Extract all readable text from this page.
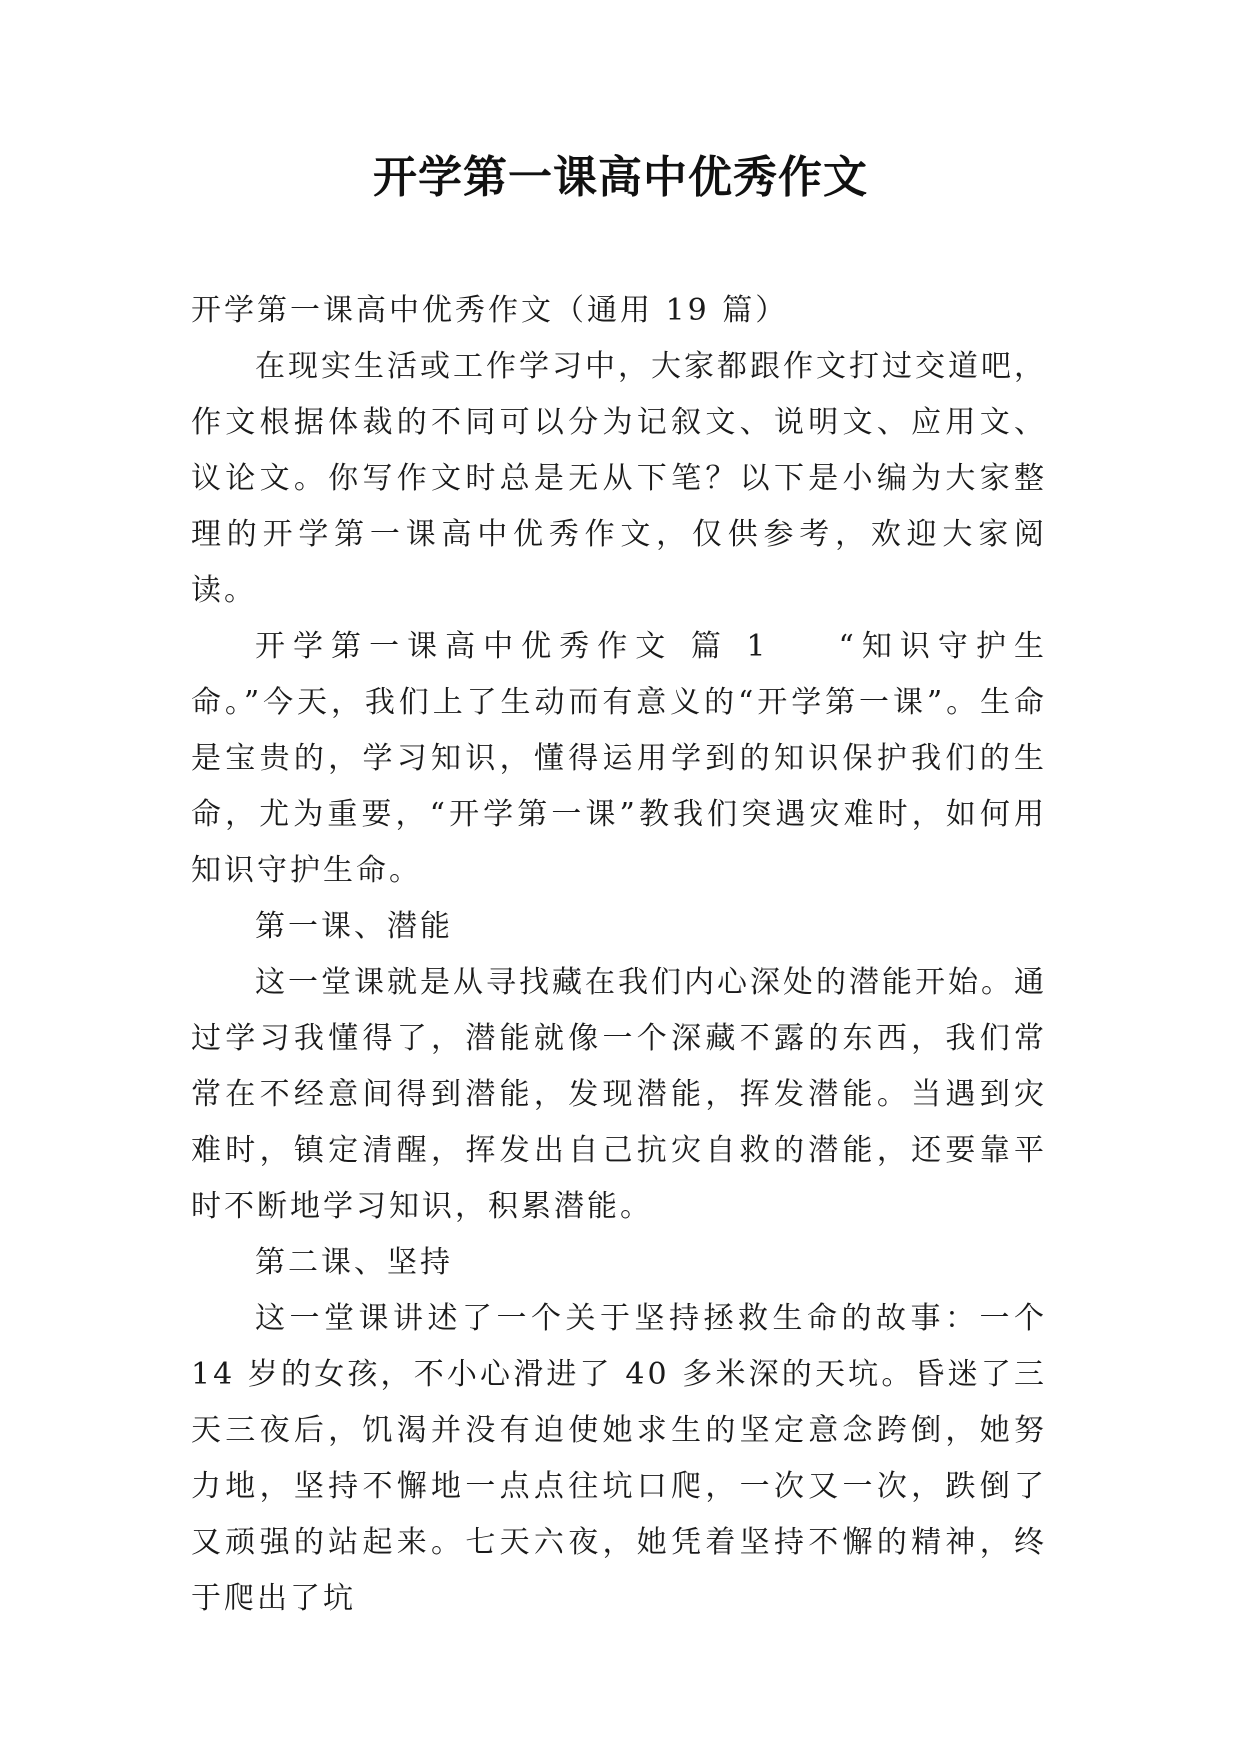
开学第一课高中优秀作文

开学第一课高中优秀作文（通用 19 篇）

在现实生活或工作学习中，大家都跟作文打过交道吧，作文根据体裁的不同可以分为记叙文、说明文、应用文、议论文。你写作文时总是无从下笔？以下是小编为大家整理的开学第一课高中优秀作文，仅供参考，欢迎大家阅读。

开学第一课高中优秀作文 篇 1 “知识守护生命。”今天，我们上了生动而有意义的“开学第一课”。生命是宝贵的，学习知识，懂得运用学到的知识保护我们的生命，尤为重要，“开学第一课”教我们突遇灾难时，如何用知识守护生命。

第一课、潜能

这一堂课就是从寻找藏在我们内心深处的潜能开始。通过学习我懂得了，潜能就像一个深藏不露的东西，我们常常在不经意间得到潜能，发现潜能，挥发潜能。当遇到灾难时，镇定清醒，挥发出自己抗灾自救的潜能，还要靠平时不断地学习知识，积累潜能。

第二课、坚持

这一堂课讲述了一个关于坚持拯救生命的故事：一个 14 岁的女孩，不小心滑进了 40 多米深的天坑。昏迷了三天三夜后，饥渴并没有迫使她求生的坚定意念跨倒，她努力地，坚持不懈地一点点往坑口爬，一次又一次，跌倒了又顽强的站起来。七天六夜，她凭着坚持不懈的精神，终于爬出了坑
